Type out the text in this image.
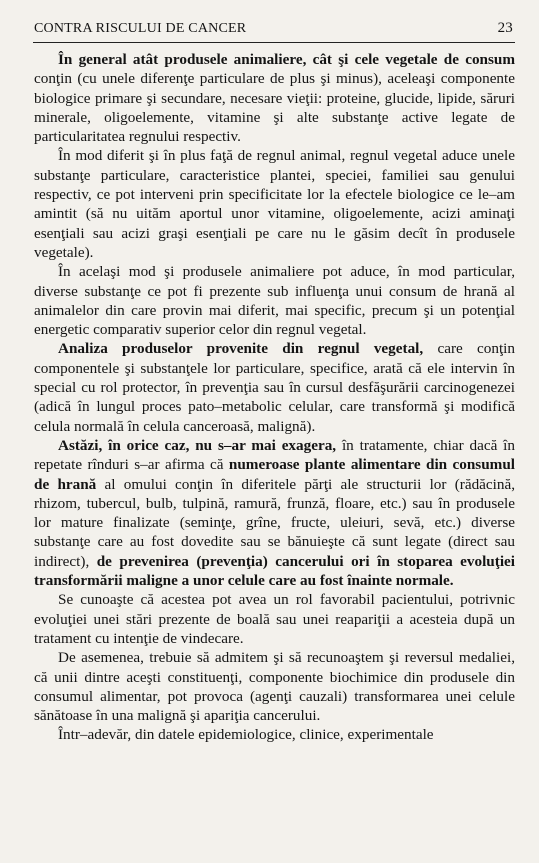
CONTRA RISCULUI DE CANCER	23

În general atât produsele animaliere, cât şi cele vegetale de consum conţin (cu unele diferenţe particulare de plus şi minus), aceleaşi componente biologice primare şi secundare, necesare vieţii: proteine, glucide, lipide, săruri minerale, oligoelemente, vitamine şi alte substanţe active legate de particularitatea regnului respectiv.

În mod diferit şi în plus faţă de regnul animal, regnul vegetal aduce unele substanţe particulare, caracteristice plantei, speciei, familiei sau genului respectiv, ce pot interveni prin specificitate lor la efectele biologice ce le–am amintit (să nu uităm aportul unor vitamine, oligoelemente, acizi aminaţi esenţiali sau acizi graşi esenţiali pe care nu le găsim decît în produsele vegetale).

În acelaşi mod şi produsele animaliere pot aduce, în mod particular, diverse substanţe ce pot fi prezente sub influenţa unui consum de hrană al animalelor din care provin mai diferit, mai specific, precum şi un potenţial energetic comparativ superior celor din regnul vegetal.

Analiza produselor provenite din regnul vegetal, care conţin componentele şi substanţele lor particulare, specifice, arată că ele intervin în special cu rol protector, în prevenţia sau în cursul desfăşurării carcinogenezei (adică în lungul proces pato–metabolic celular, care transformă şi modifică celula normală în celula canceroasă, malignă).

Astăzi, în orice caz, nu s–ar mai exagera, în tratamente, chiar dacă în repetate rînduri s–ar afirma că numeroase plante alimentare din consumul de hrană al omului conţin în diferitele părţi ale structurii lor (rădăcină, rhizom, tubercul, bulb, tulpină, ramură, frunză, floare, etc.) sau în produsele lor mature finalizate (seminţe, grîne, fructe, uleiuri, sevă, etc.) diverse substanţe care au fost dovedite sau se bănuieşte că sunt legate (direct sau indirect), de prevenirea (prevenţia) cancerului ori în stoparea evoluţiei transformării maligne a unor celule care au fost înainte normale.

Se cunoaşte că acestea pot avea un rol favorabil pacientului, potrivnic evoluţiei unei stări prezente de boală sau unei reapariţii a acesteia după un tratament cu intenţie de vindecare.

De asemenea, trebuie să admitem şi să recunoaştem şi reversul medaliei, că unii dintre aceşti constituenţi, componente biochimice din produsele din consumul alimentar, pot provoca (agenţi cauzali) transformarea unei celule sănătoase în una malignă şi apariţia cancerului.

Într–adevăr, din datele epidemiologice, clinice, experimentale
